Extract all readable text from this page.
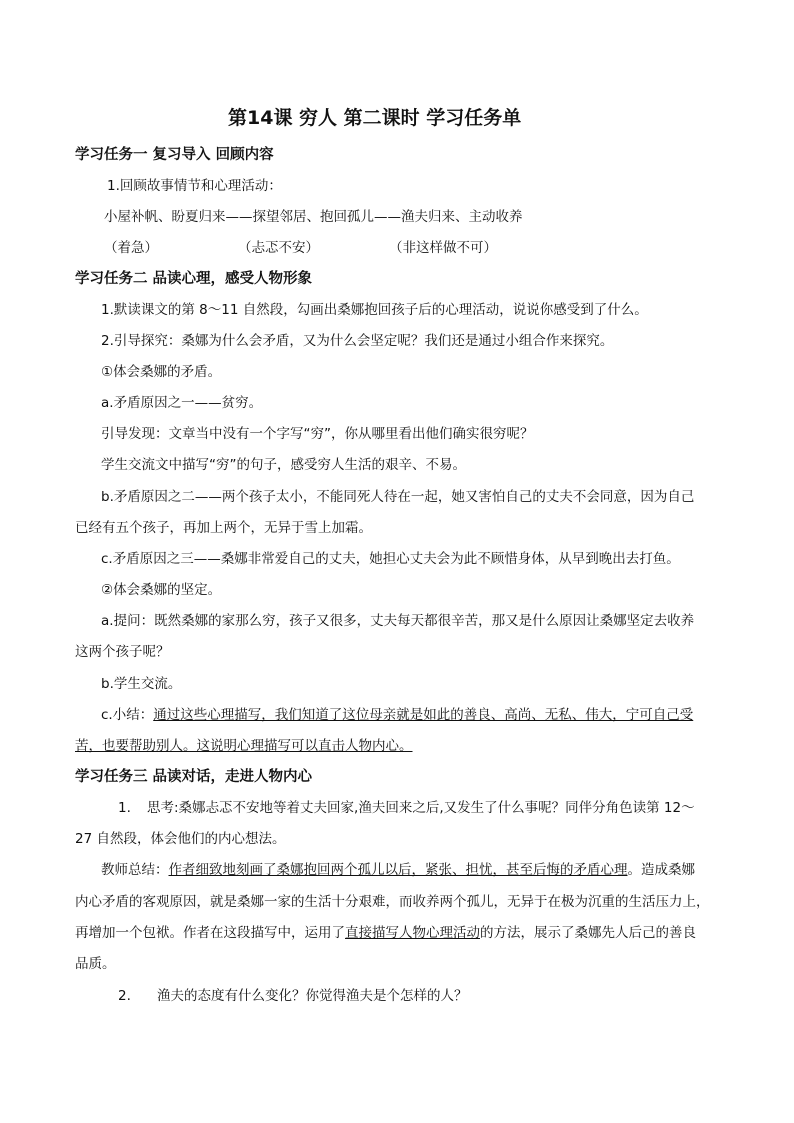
第14课 穷人 第二课时 学习任务单
学习任务一 复习导入 回顾内容
1.回顾故事情节和心理活动：
小屋补帆、盼夏归来——探望邻居、抱回孤儿——渔夫归来、主动收养
（着急）	（忐忑不安）	（非这样做不可）
学习任务二 品读心理，感受人物形象
1.默读课文的第 8～11 自然段，勾画出桑娜抱回孩子后的心理活动，说说你感受到了什么。
2.引导探究：桑娜为什么会矛盾，又为什么会坚定呢？我们还是通过小组合作来探究。
①体会桑娜的矛盾。
a.矛盾原因之一——贫穷。
引导发现：文章当中没有一个字写“穷”，你从哪里看出他们确实很穷呢？
学生交流文中描写“穷”的句子，感受穷人生活的艰辛、不易。
b.矛盾原因之二——两个孩子太小，不能同死人待在一起，她又害怕自己的丈夫不会同意，因为自己
已经有五个孩子，再加上两个，无异于雪上加霜。
c.矛盾原因之三——桑娜非常爱自己的丈夫，她担心丈夫会为此不顾惜身体，从早到晚出去打鱼。
②体会桑娜的坚定。
a.提问：既然桑娜的家那么穷，孩子又很多，丈夫每天都很辛苦，那又是什么原因让桑娜坚定去收养
这两个孩子呢？
b.学生交流。
c.小结：通过这些心理描写，我们知道了这位母亲就是如此的善良、高尚、无私、伟大，宁可自己受
苦，也要帮助别人。这说明心理描写可以直击人物内心。
学习任务三 品读对话，走进人物内心
1. 思考:桑娜忐忑不安地等着丈夫回家,渔夫回来之后,又发生了什么事呢？同伴分角色读第 12～
27 自然段，体会他们的内心想法。
教师总结：作者细致地刻画了桑娜抱回两个孤儿以后，紧张、担忧，甚至后悔的矛盾心理。造成桑娜
内心矛盾的客观原因，就是桑娜一家的生活十分艰难，而收养两个孤儿，无异于在极为沉重的生活压力上，
再增加一个包袱。作者在这段描写中，运用了直接描写人物心理活动的方法，展示了桑娜先人后己的善良
品质。
2. 渔夫的态度有什么变化？你觉得渔夫是个怎样的人？
